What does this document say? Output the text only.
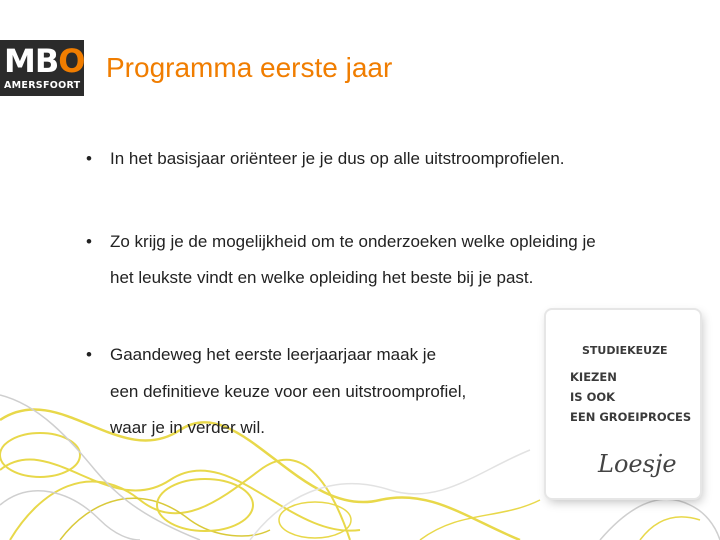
MBO
AMERSFOORT
Programma eerste jaar
• In het basisjaar oriënteer je je dus op alle uitstroomprofielen.
• Zo krijg je de mogelijkheid om te onderzoeken welke opleiding je
het leukste vindt en welke opleiding het beste bij je past.
• Gaandeweg het eerste leerjaarjaar maak je
een definitieve keuze voor een uitstroomprofiel,
waar je in verder wil.
STUDIEKEUZE
KIEZEN
IS OOK
EEN GROEIPROCES
Loesje
